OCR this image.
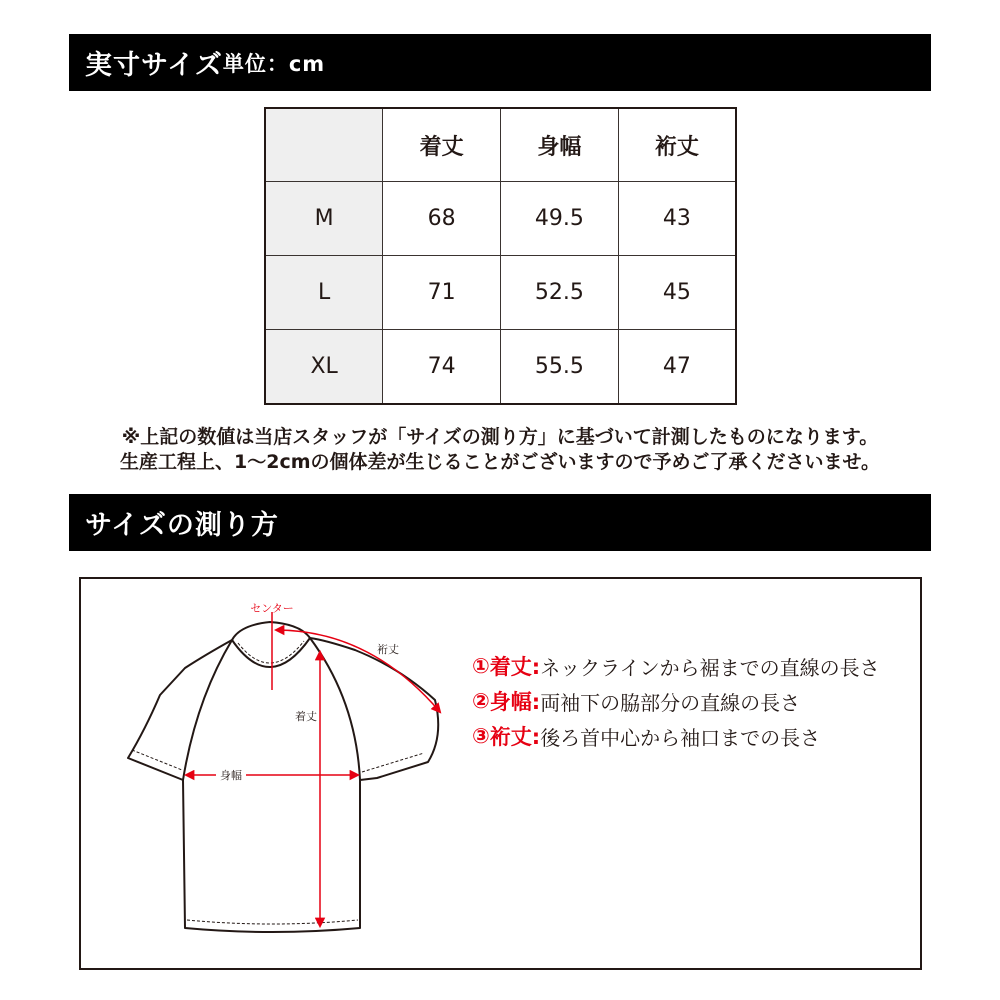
実寸サイズ 単位：cm
	着丈	身幅	裄丈
M	68	49.5	43
L	71	52.5	45
XL	74	55.5	47
※上記の数値は当店スタッフが「サイズの測り方」に基づいて計測したものになります。
生産工程上、1～2cmの個体差が生じることがございますので予めご了承くださいませ。
サイズの測り方
センター
裄丈
着丈
身幅
① 着丈: ネックラインから裾までの直線の長さ
② 身幅: 両袖下の脇部分の直線の長さ
③ 裄丈: 後ろ首中心から袖口までの長さ
